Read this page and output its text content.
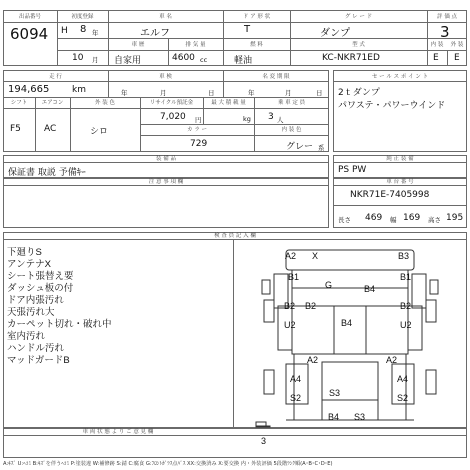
出品番号
6094
初度登録
H 8 年
10 月
車 名
エルフ
車 歴
自家用
排 気 量
4600 cc
ド ア 形 状
T
燃 料
軽油
グ レ ー ド
ダンプ
型 式
KC-NKR71ED
評 価 点
3
内 装	外 装
E E
走 行
194,665	km
車 検
年	月	日
名 変 期 限
年	月	日
シフト
F5
エアコン
AC
外 装 色
シロ
リサイクル預託金
7,020 円
最 大 積 載 量
kg
乗 車 定 員
3 人
カ ラ ー
729
内 装 色
グレー 系
セ ー ル ス ポ イ ン ト
2ｔダンプ
パワステ・パワーウインド
装 備 品
保証書 取説 予備ｷｰ
純 正 装 備
PS PW
注 意 事 項 欄	車 台 番 号
NKR71E-7405998
長さ 469 幅 169 高さ 195
検 査 員 記 入 欄
下廻りS
アンテナX
シート張替え要
ダッシュ板の付
ドア内張汚れ
天張汚れ大
カーペット切れ・破れ中
室内汚れ
ハンドル汚れ
マッドガードB
A2 X	B3
B1
G	B4
B1
B2 B2	B2
U2	B4	U2
A2	A2
A4	A4
S2	S3	S2
B4 S3
3
車 両 状 態 よ り ご 意 見 欄
A:ｷｽﾞ U:ﾍｺﾐ B:ｷｽﾞを伴うﾍｺﾐ P:塗装違 W:補修跡 S:錆 C:腐食 G:ﾌﾛﾝﾄｶﾞﾗｽ点ﾊﾞｽ XX:交換済み X:要交換 内・外装評価 5段階ﾗﾝｸ順(A･B･C･D･E)
